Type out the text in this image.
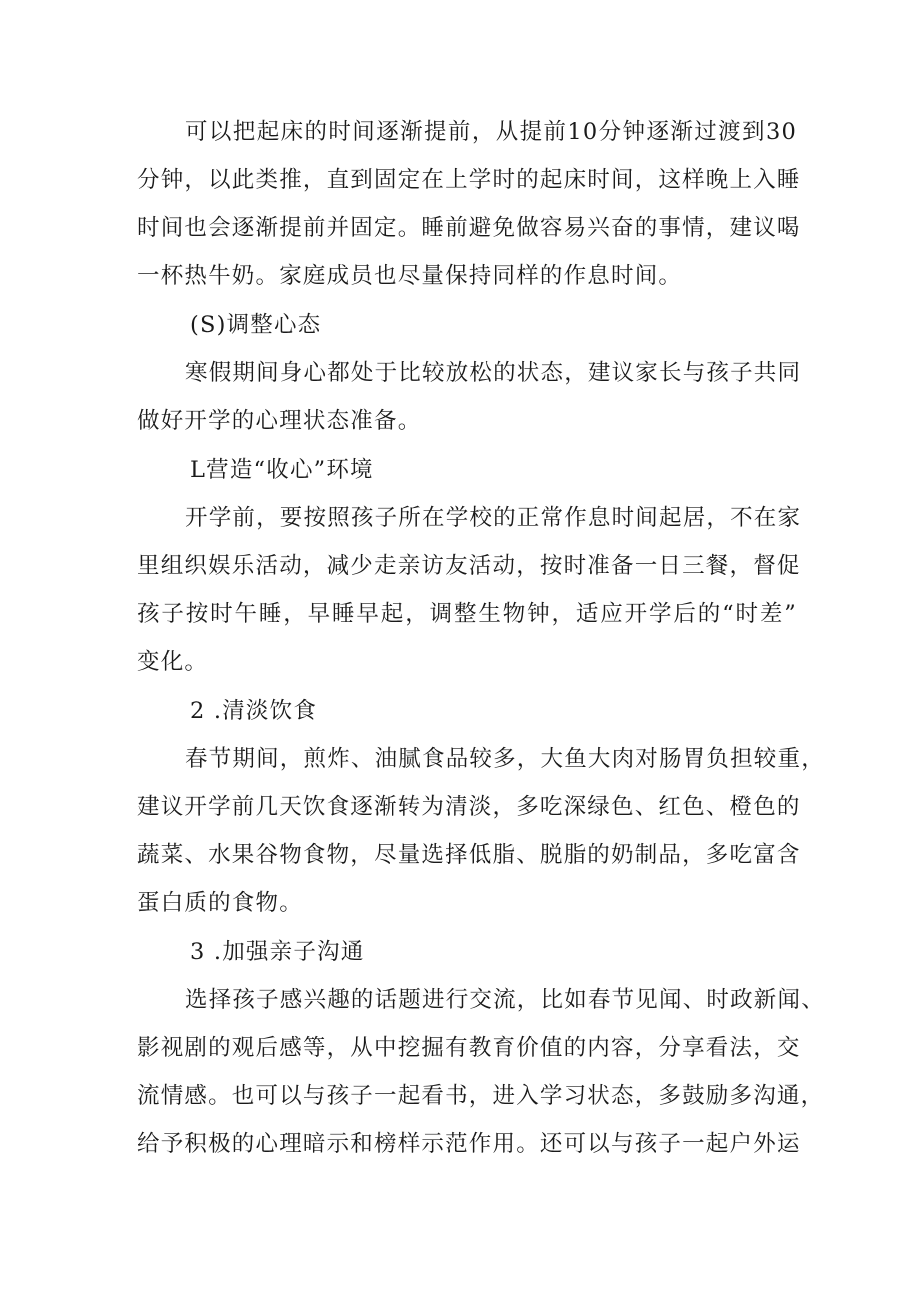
可以把起床的时间逐渐提前，从提前10分钟逐渐过渡到30
分钟，以此类推，直到固定在上学时的起床时间，这样晚上入睡
时间也会逐渐提前并固定。睡前避免做容易兴奋的事情，建议喝
一杯热牛奶。家庭成员也尽量保持同样的作息时间。
(S)调整心态
寒假期间身心都处于比较放松的状态，建议家长与孩子共同
做好开学的心理状态准备。
L营造“收心”环境
开学前，要按照孩子所在学校的正常作息时间起居，不在家
里组织娱乐活动，减少走亲访友活动，按时准备一日三餐，督促
孩子按时午睡，早睡早起，调整生物钟，适应开学后的“时差”
变化。
2 .清淡饮食
春节期间，煎炸、油腻食品较多，大鱼大肉对肠胃负担较重，
建议开学前几天饮食逐渐转为清淡，多吃深绿色、红色、橙色的
蔬菜、水果谷物食物，尽量选择低脂、脱脂的奶制品，多吃富含
蛋白质的食物。
3 .加强亲子沟通
选择孩子感兴趣的话题进行交流，比如春节见闻、时政新闻、
影视剧的观后感等，从中挖掘有教育价值的内容，分享看法，交
流情感。也可以与孩子一起看书，进入学习状态，多鼓励多沟通，
给予积极的心理暗示和榜样示范作用。还可以与孩子一起户外运
